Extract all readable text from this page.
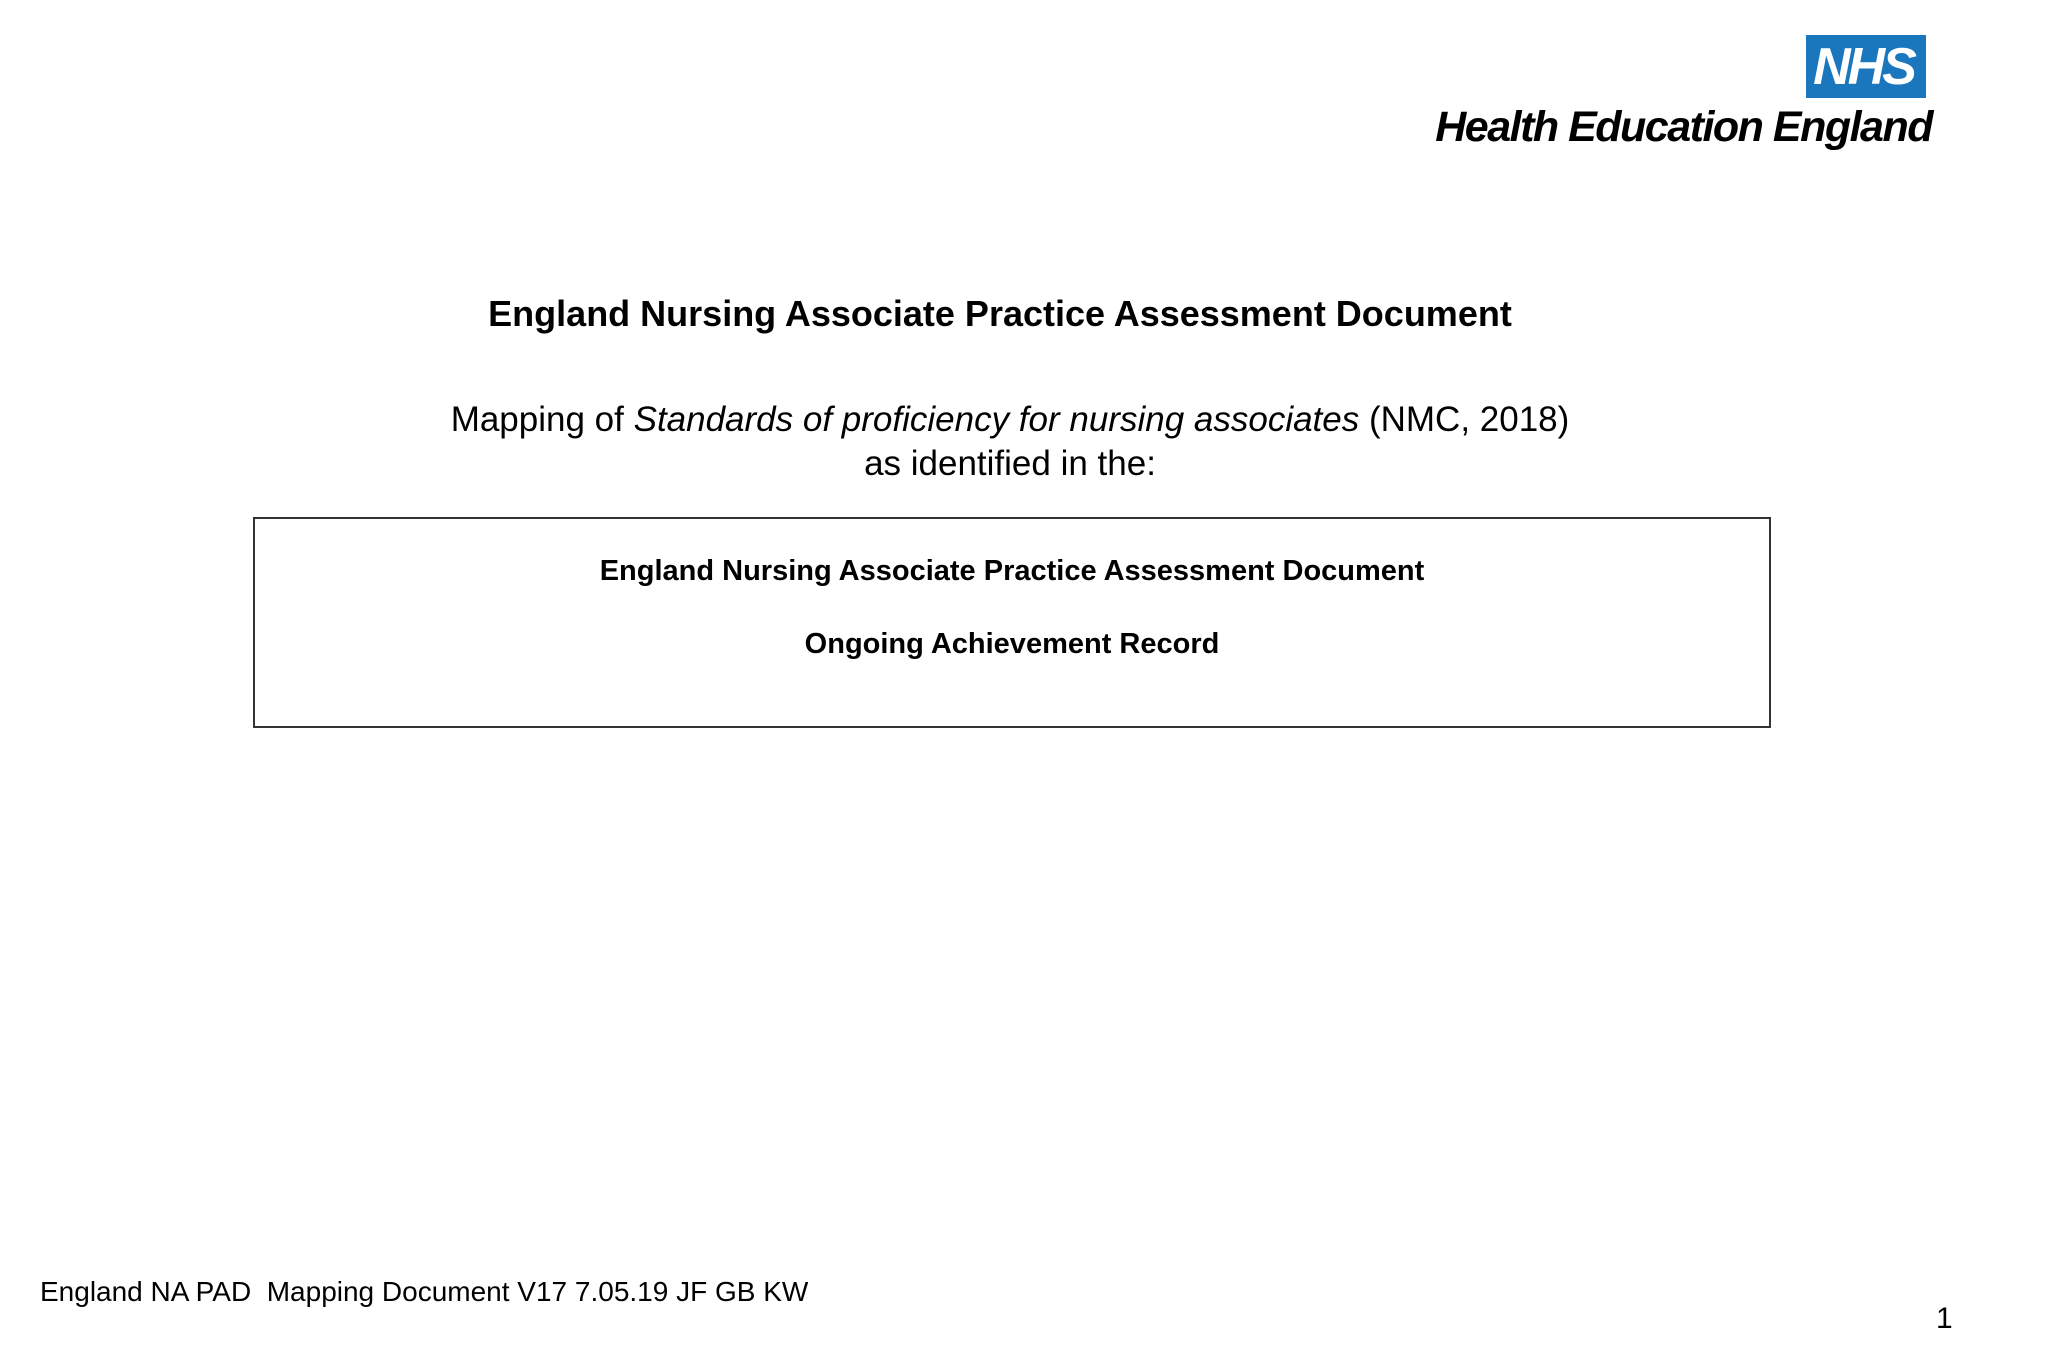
NHS
Health Education England
England Nursing Associate Practice Assessment Document
Mapping of Standards of proficiency for nursing associates (NMC, 2018)
as identified in the:
England Nursing Associate Practice Assessment Document
Ongoing Achievement Record
England NA PAD  Mapping Document V17 7.05.19 JF GB KW
1
